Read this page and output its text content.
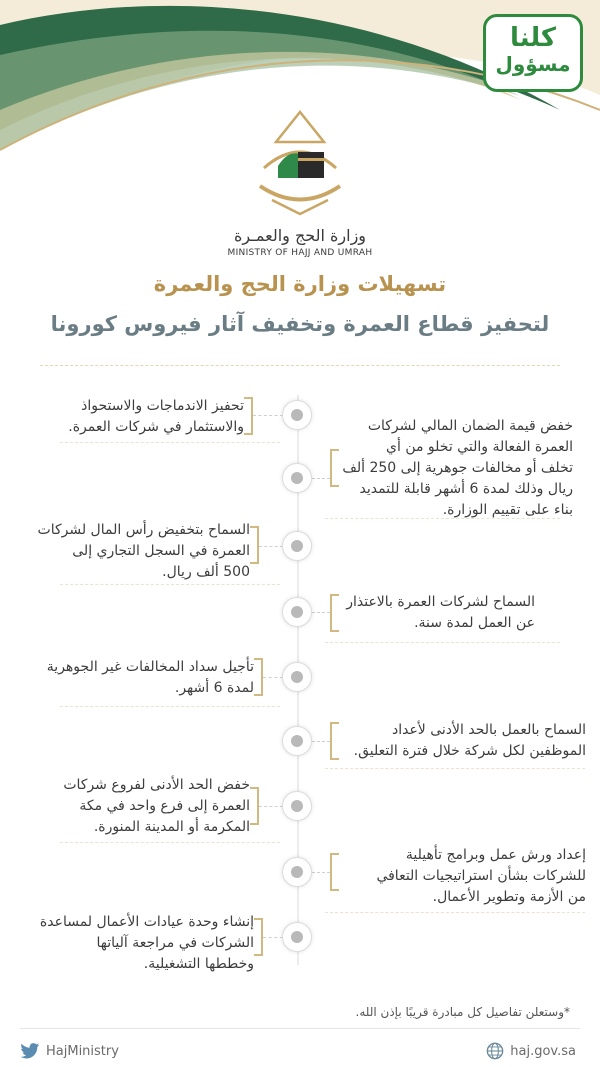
كلنا
مسؤول
وزارة الحج والعمـرة
MINISTRY OF HAJJ AND UMRAH
تسهيلات وزارة الحج والعمرة
لتحفيز قطاع العمرة وتخفيف آثار فيروس كورونا
تحفيز الاندماجات والاستحواذ
والاستثمار في شركات العمرة.	خفض قيمة الضمان المالي لشركات
العمرة الفعالة والتي تخلو من أي
تخلف أو مخالفات جوهرية إلى 250 ألف
ريال وذلك لمدة 6 أشهر قابلة للتمديد
بناء على تقييم الوزارة.
السماح بتخفيض رأس المال لشركات
العمرة في السجل التجاري إلى
500 ألف ريال.
السماح لشركات العمرة بالاعتذار
عن العمل لمدة سنة.
تأجيل سداد المخالفات غير الجوهرية
لمدة 6 أشهر.
السماح بالعمل بالحد الأدنى لأعداد
الموظفين لكل شركة خلال فترة التعليق.
خفض الحد الأدنى لفروع شركات
العمرة إلى فرع واحد في مكة
المكرمة أو المدينة المنورة.
إعداد ورش عمل وبرامج تأهيلية
للشركات بشأن استراتيجيات التعافي
من الأزمة وتطوير الأعمال.
إنشاء وحدة عيادات الأعمال لمساعدة
الشركات في مراجعة آلياتها
وخططها التشغيلية.
*وستعلن تفاصيل كل مبادرة قريبًا بإذن الله.
HajMinistry	haj.gov.sa
